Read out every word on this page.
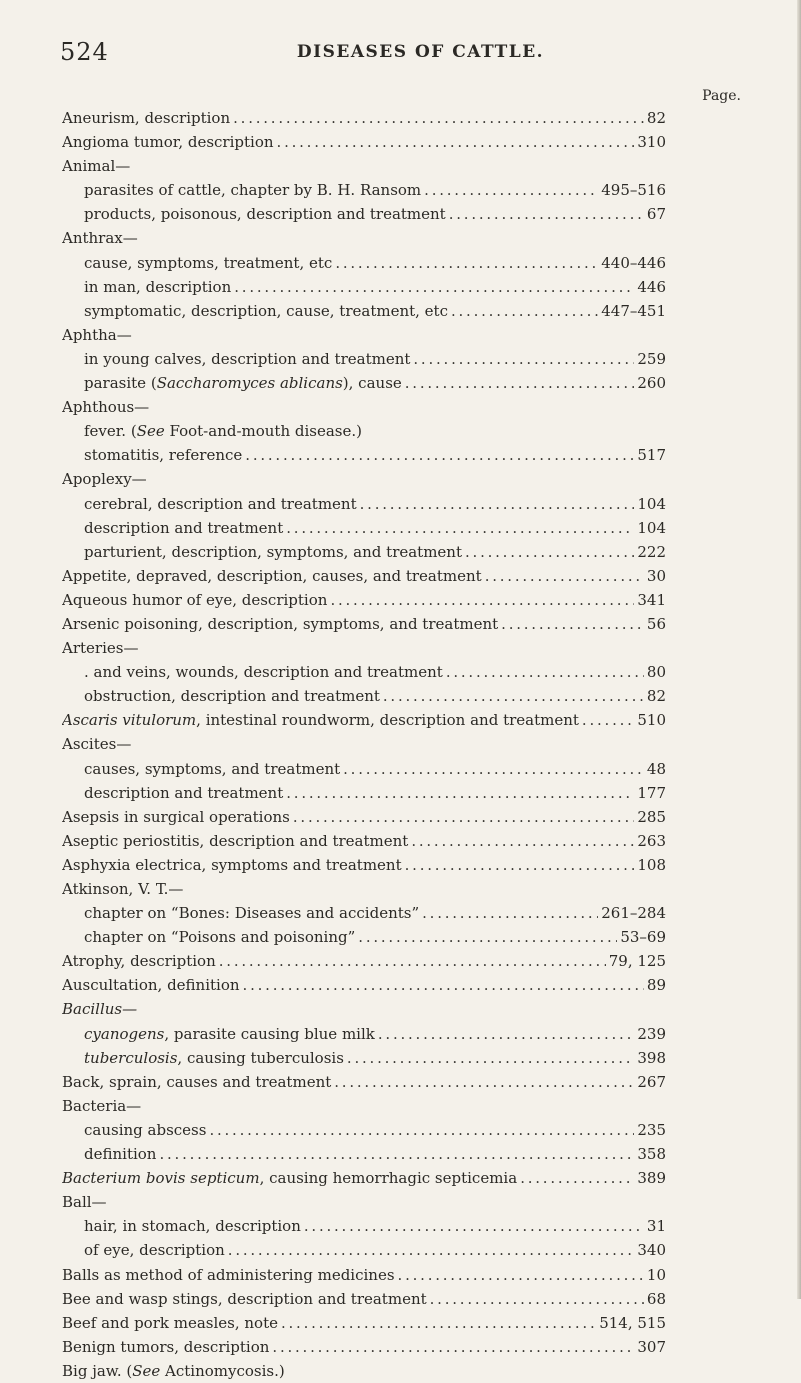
524	DISEASES OF CATTLE.
Page.
Aneurism, description . . .	82
Angioma tumor, description . . .	310
Animal—
parasites of cattle, chapter by B. H. Ransom . . .	495–516
products, poisonous, description and treatment . . .	67
Anthrax—
cause, symptoms, treatment, etc . . .	440–446
in man, description . . .	446
symptomatic, description, cause, treatment, etc . . .	447–451
Aphtha—
in young calves, description and treatment . . .	259
parasite (Saccharomyces ablicans), cause . . .	260
Aphthous—
fever. (See Foot-and-mouth disease.)
stomatitis, reference . . .	517
Apoplexy—
cerebral, description and treatment . . .	104
description and treatment . . .	104
parturient, description, symptoms, and treatment . . .	222
Appetite, depraved, description, causes, and treatment . . .	30
Aqueous humor of eye, description . . .	341
Arsenic poisoning, description, symptoms, and treatment . . .	56
Arteries—
. and veins, wounds, description and treatment . . .	80
obstruction, description and treatment . . .	82
Ascaris vitulorum, intestinal roundworm, description and treatment . . .	510
Ascites—
causes, symptoms, and treatment . . .	48
description and treatment . . .	177
Asepsis in surgical operations . . .	285
Aseptic periostitis, description and treatment . . .	263
Asphyxia electrica, symptoms and treatment . . .	108
Atkinson, V. T.—
chapter on “Bones: Diseases and accidents” . . .	261–284
chapter on “Poisons and poisoning” . . .	53–69
Atrophy, description . . .	79, 125
Auscultation, definition . . .	89
Bacillus—
cyanogens, parasite causing blue milk . . .	239
tuberculosis, causing tuberculosis . . .	398
Back, sprain, causes and treatment . . .	267
Bacteria—
causing abscess . . .	235
definition . . .	358
Bacterium bovis septicum, causing hemorrhagic septicemia . . .	389
Ball—
hair, in stomach, description . . .	31
of eye, description . . .	340
Balls as method of administering medicines . . .	10
Bee and wasp stings, description and treatment . . .	68
Beef and pork measles, note . . .	514, 515
Benign tumors, description . . .	307
Big jaw. (See Actinomycosis.)
